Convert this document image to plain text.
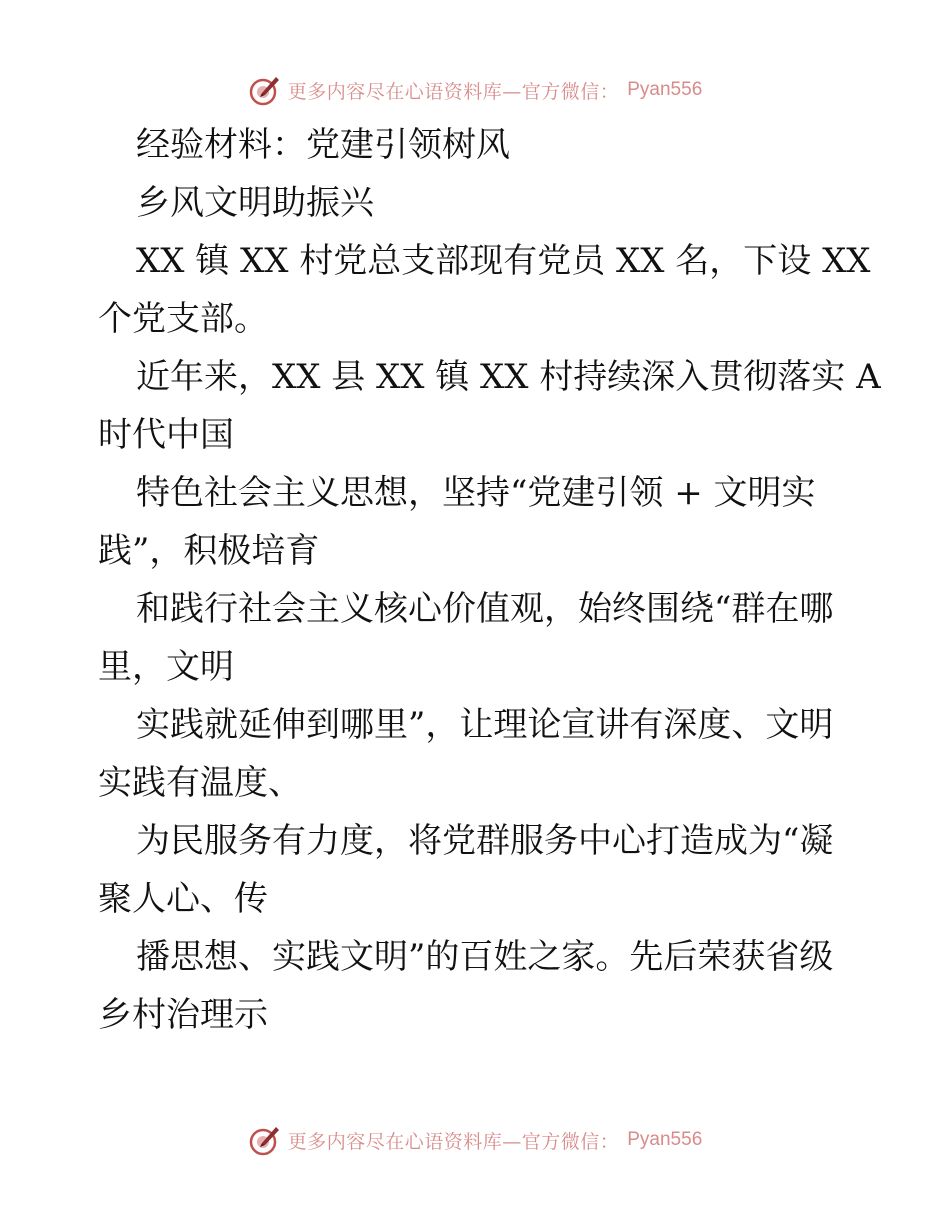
更多内容尽在心语资料库—官方微信： Pyan556
经验材料：党建引领树风
乡风文明助振兴
XX 镇 XX 村党总支部现有党员 XX 名，下设 XX
个党支部。
近年来，XX 县 XX 镇 XX 村持续深入贯彻落实 A
时代中国
特色社会主义思想，坚持“党建引领 + 文明实
践”，积极培育
和践行社会主义核心价值观，始终围绕“群在哪
里，文明
实践就延伸到哪里”，让理论宣讲有深度、文明
实践有温度、
为民服务有力度，将党群服务中心打造成为“凝
聚人心、传
播思想、实践文明”的百姓之家。先后荣获省级
乡村治理示
更多内容尽在心语资料库—官方微信： Pyan556
